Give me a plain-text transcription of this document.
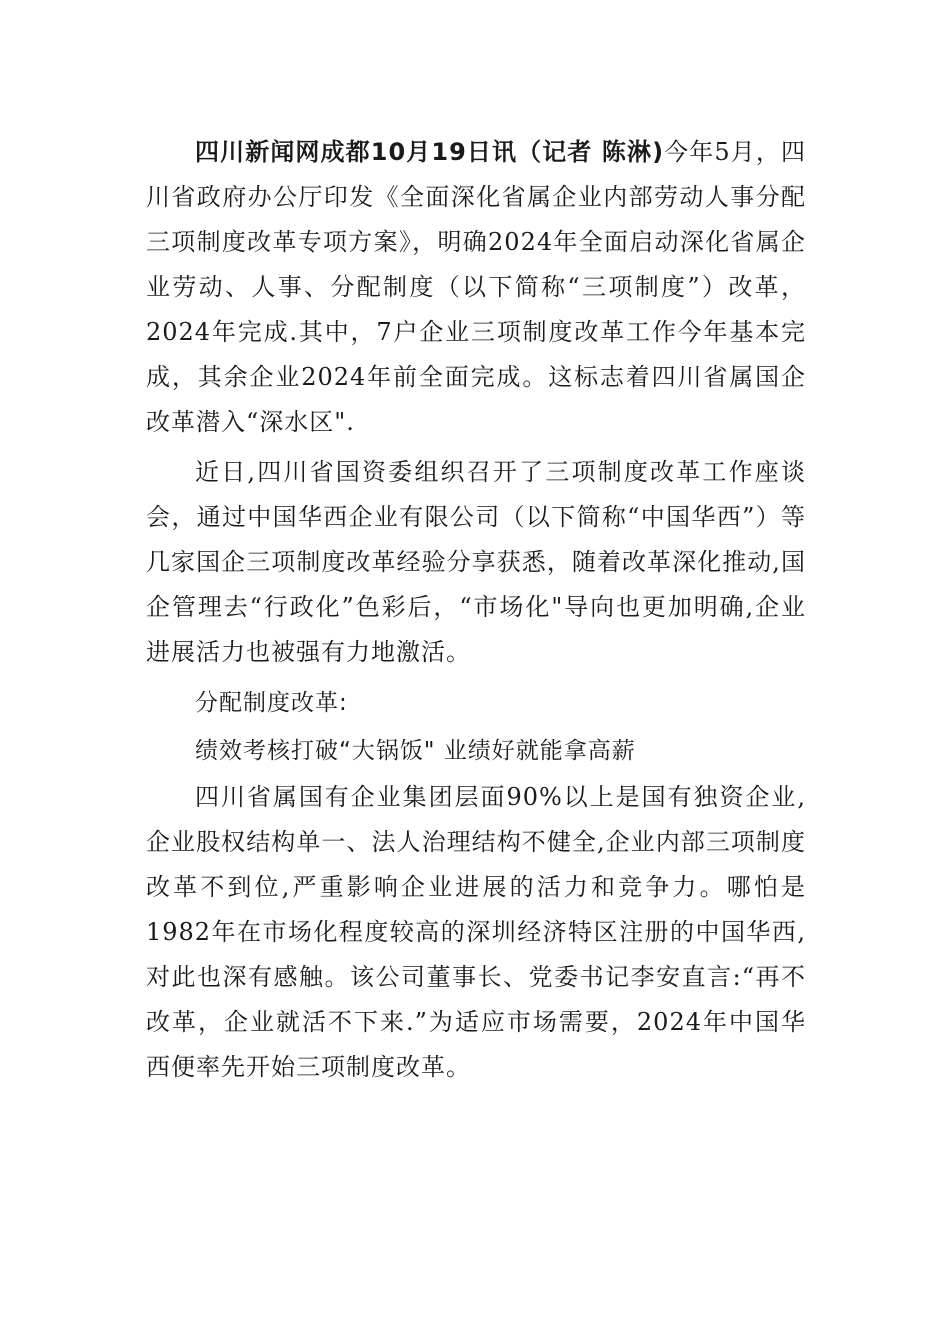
四川新闻网成都10月19日讯（记者 陈淋)今年5月，四川省政府办公厅印发《全面深化省属企业内部劳动人事分配三项制度改革专项方案》，明确2024年全面启动深化省属企业劳动、人事、分配制度（以下简称“三项制度”）改革，2024年完成.其中，7户企业三项制度改革工作今年基本完成，其余企业2024年前全面完成。这标志着四川省属国企改革潜入“深水区".

近日,四川省国资委组织召开了三项制度改革工作座谈会，通过中国华西企业有限公司（以下简称“中国华西”）等几家国企三项制度改革经验分享获悉，随着改革深化推动,国企管理去“行政化”色彩后，“市场化"导向也更加明确,企业进展活力也被强有力地激活。

分配制度改革:

绩效考核打破“大锅饭" 业绩好就能拿高薪

四川省属国有企业集团层面90%以上是国有独资企业,企业股权结构单一、法人治理结构不健全,企业内部三项制度改革不到位,严重影响企业进展的活力和竞争力。哪怕是1982年在市场化程度较高的深圳经济特区注册的中国华西,对此也深有感触。该公司董事长、党委书记李安直言:“再不改革，企业就活不下来.”为适应市场需要，2024年中国华西便率先开始三项制度改革。
